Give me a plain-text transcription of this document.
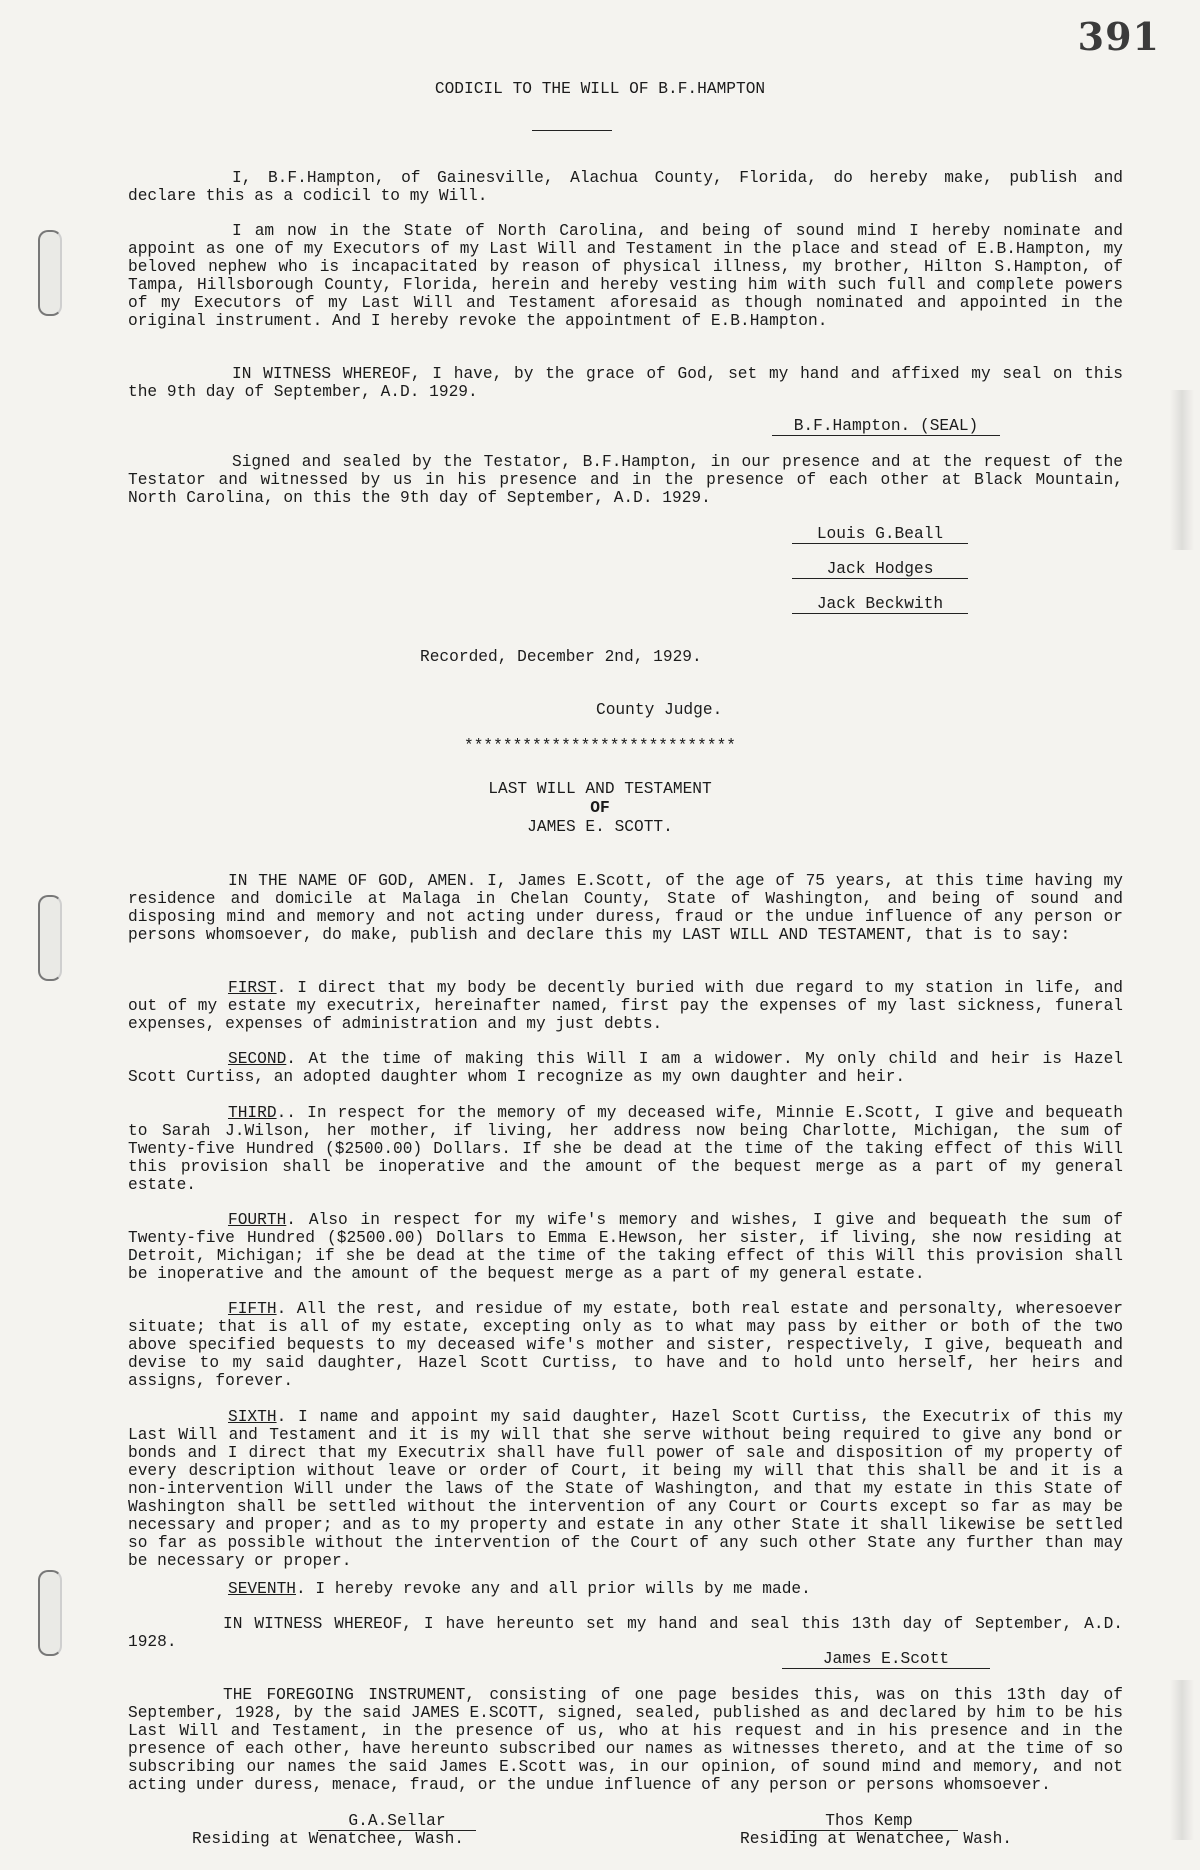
391
CODICIL TO THE WILL OF B.F.HAMPTON
I, B.F.Hampton, of Gainesville, Alachua County, Florida, do hereby make, publish and declare this as a codicil to my Will.
I am now in the State of North Carolina, and being of sound mind I hereby nominate and appoint as one of my Executors of my Last Will and Testament in the place and stead of E.B.Hampton, my beloved nephew who is incapacitated by reason of physical illness, my brother, Hilton S.Hampton, of Tampa, Hillsborough County, Florida, herein and hereby vesting him with such full and complete powers of my Executors of my Last Will and Testament aforesaid as though nominated and appointed in the original instrument. And I hereby revoke the appointment of E.B.Hampton.
IN WITNESS WHEREOF, I have, by the grace of God, set my hand and affixed my seal on this the 9th day of September, A.D. 1929.
B.F.Hampton. (SEAL)
Signed and sealed by the Testator, B.F.Hampton, in our presence and at the request of the Testator and witnessed by us in his presence and in the presence of each other at Black Mountain, North Carolina, on this the 9th day of September, A.D. 1929.
Louis G.Beall
Jack Hodges
Jack Beckwith
Recorded, December 2nd, 1929.
County Judge.
****************************
LAST WILL AND TESTAMENT
OF
JAMES E. SCOTT.
IN THE NAME OF GOD, AMEN. I, James E.Scott, of the age of 75 years, at this time having my residence and domicile at Malaga in Chelan County, State of Washington, and being of sound and disposing mind and memory and not acting under duress, fraud or the undue influence of any person or persons whomsoever, do make, publish and declare this my LAST WILL AND TESTAMENT, that is to say:
FIRST. I direct that my body be decently buried with due regard to my station in life, and out of my estate my executrix, hereinafter named, first pay the expenses of my last sickness, funeral expenses, expenses of administration and my just debts.
SECOND. At the time of making this Will I am a widower. My only child and heir is Hazel Scott Curtiss, an adopted daughter whom I recognize as my own daughter and heir.
THIRD.. In respect for the memory of my deceased wife, Minnie E.Scott, I give and bequeath to Sarah J.Wilson, her mother, if living, her address now being Charlotte, Michigan, the sum of Twenty-five Hundred ($2500.00) Dollars. If she be dead at the time of the taking effect of this Will this provision shall be inoperative and the amount of the bequest merge as a part of my general estate.
FOURTH. Also in respect for my wife's memory and wishes, I give and bequeath the sum of Twenty-five Hundred ($2500.00) Dollars to Emma E.Hewson, her sister, if living, she now residing at Detroit, Michigan; if she be dead at the time of the taking effect of this Will this provision shall be inoperative and the amount of the bequest merge as a part of my general estate.
FIFTH. All the rest, and residue of my estate, both real estate and personalty, wheresoever situate; that is all of my estate, excepting only as to what may pass by either or both of the two above specified bequests to my deceased wife's mother and sister, respectively, I give, bequeath and devise to my said daughter, Hazel Scott Curtiss, to have and to hold unto herself, her heirs and assigns, forever.
SIXTH. I name and appoint my said daughter, Hazel Scott Curtiss, the Executrix of this my Last Will and Testament and it is my will that she serve without being required to give any bond or bonds and I direct that my Executrix shall have full power of sale and disposition of my property of every description without leave or order of Court, it being my will that this shall be and it is a non-intervention Will under the laws of the State of Washington, and that my estate in this State of Washington shall be settled without the intervention of any Court or Courts except so far as may be necessary and proper; and as to my property and estate in any other State it shall likewise be settled so far as possible without the intervention of the Court of any such other State any further than may be necessary or proper.
SEVENTH. I hereby revoke any and all prior wills by me made.
IN WITNESS WHEREOF, I have hereunto set my hand and seal this 13th day of September, A.D. 1928.
James E.Scott
THE FOREGOING INSTRUMENT, consisting of one page besides this, was on this 13th day of September, 1928, by the said JAMES E.SCOTT, signed, sealed, published as and declared by him to be his Last Will and Testament, in the presence of us, who at his request and in his presence and in the presence of each other, have hereunto subscribed our names as witnesses thereto, and at the time of so subscribing our names the said James E.Scott was, in our opinion, of sound mind and memory, and not acting under duress, menace, fraud, or the undue influence of any person or persons whomsoever.
G.A.Sellar
Residing at Wenatchee, Wash.
Thos Kemp
Residing at Wenatchee, Wash.
